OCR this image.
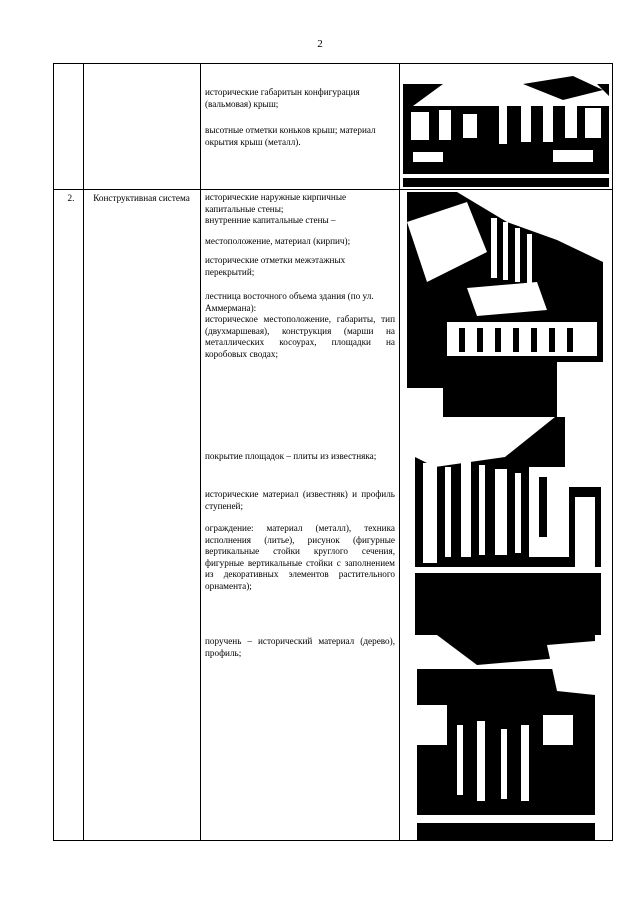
2
исторические габаритын конфигурация (вальмовая) крыш;
высотные отметки коньков крыш; материал окрытия крыш (металл).
2.	Конструктивная система	исторические наружные кирпичные капитальные стены;
внутренние капитальные стены –
местоположение, материал (кирпич);
исторические отметки межэтажных перекрытий;
лестница восточного объема здания (по ул. Аммермана):
историческое местоположение, габариты, тип (двухмаршевая), конструкция (марши на металлических косоурах, площадки на коробовых сводах;
покрытие площадок – плиты из известняка;
исторические материал (известняк) и профиль ступеней;
ограждение: материал (металл), техника исполнения (литье), рисунок (фигурные вертикальные стойки круглого сечения, фигурные вертикальные стойки с заполнением из декоративных элементов растительного орнамента);
поручень – исторический материал (дерево), профиль;
